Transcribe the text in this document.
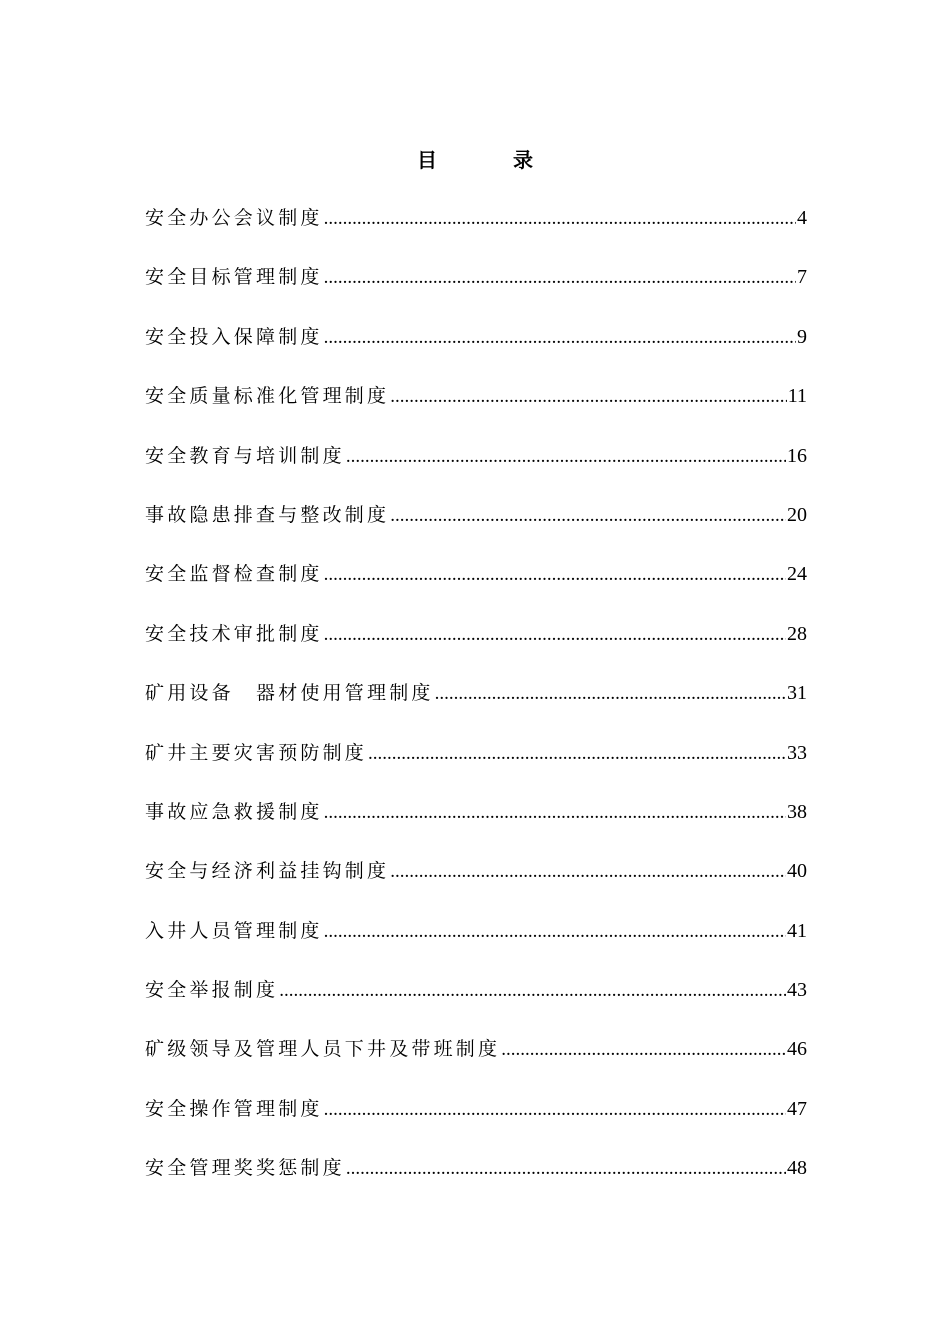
目　录
安全办公会议制度 .....	4
安全目标管理制度 .....	7
安全投入保障制度 .....	9
安全质量标准化管理制度 .....	11
安全教育与培训制度 .....	16
事故隐患排查与整改制度 .....	20
安全监督检查制度 .....	24
安全技术审批制度 .....	28
矿用设备　器材使用管理制度 .....	31
矿井主要灾害预防制度 .....	33
事故应急救援制度 .....	38
安全与经济利益挂钩制度 .....	40
入井人员管理制度 .....	41
安全举报制度 .....	43
矿级领导及管理人员下井及带班制度 .....	46
安全操作管理制度 .....	47
安全管理奖奖惩制度 .....	48
